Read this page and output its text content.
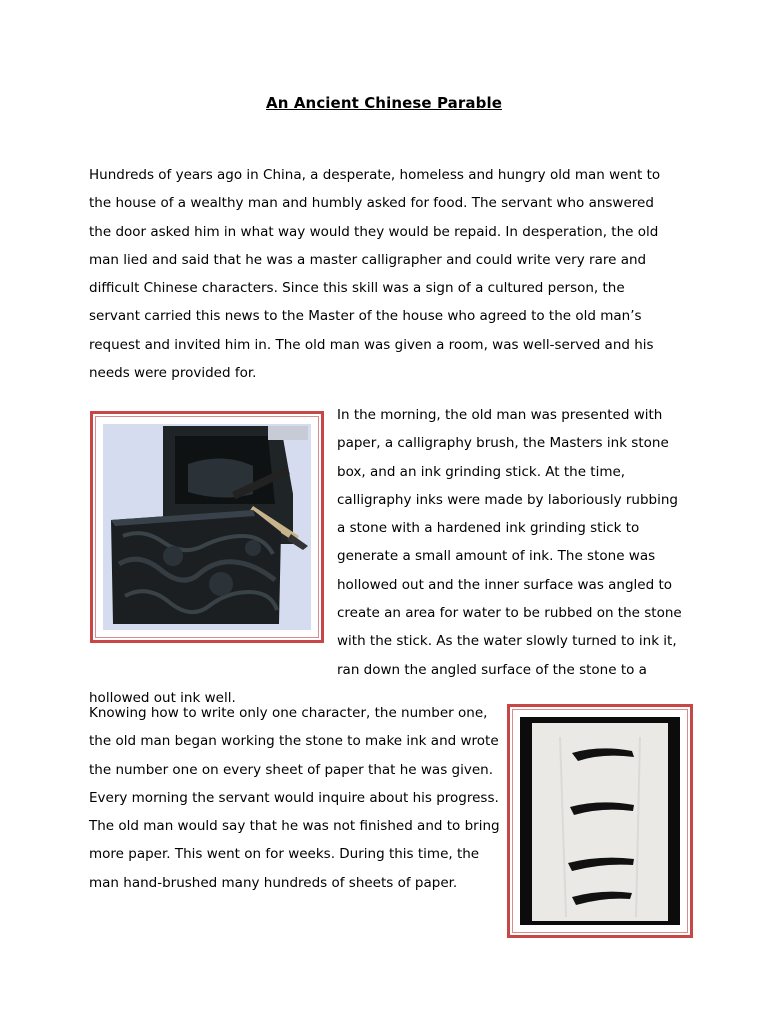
An Ancient Chinese Parable
Hundreds of years ago in China, a desperate, homeless and hungry old man went to the house of a wealthy man and humbly asked for food. The servant who answered the door asked him in what way would they would be repaid. In desperation, the old man lied and said that he was a master calligrapher and could write very rare and difficult Chinese characters. Since this skill was a sign of a cultured person, the servant carried this news to the Master of the house who agreed to the old man’s request and invited him in. The old man was given a room, was well-served and his needs were provided for.
In the morning, the old man was presented with paper, a calligraphy brush, the Masters ink stone box, and an ink grinding stick. At the time, calligraphy inks were made by laboriously rubbing a stone with a hardened ink grinding stick to generate a small amount of ink. The stone was hollowed out and the inner surface was angled to create an area for water to be rubbed on the stone with the stick. As the water slowly turned to ink it, ran down the angled surface of the stone to a hollowed out ink well.
Knowing how to write only one character, the number one, the old man began working the stone to make ink and wrote the number one on every sheet of paper that he was given. Every morning the servant would inquire about his progress. The old man would say that he was not finished and to bring more paper. This went on for weeks. During this time, the man hand-brushed many hundreds of sheets of paper.
